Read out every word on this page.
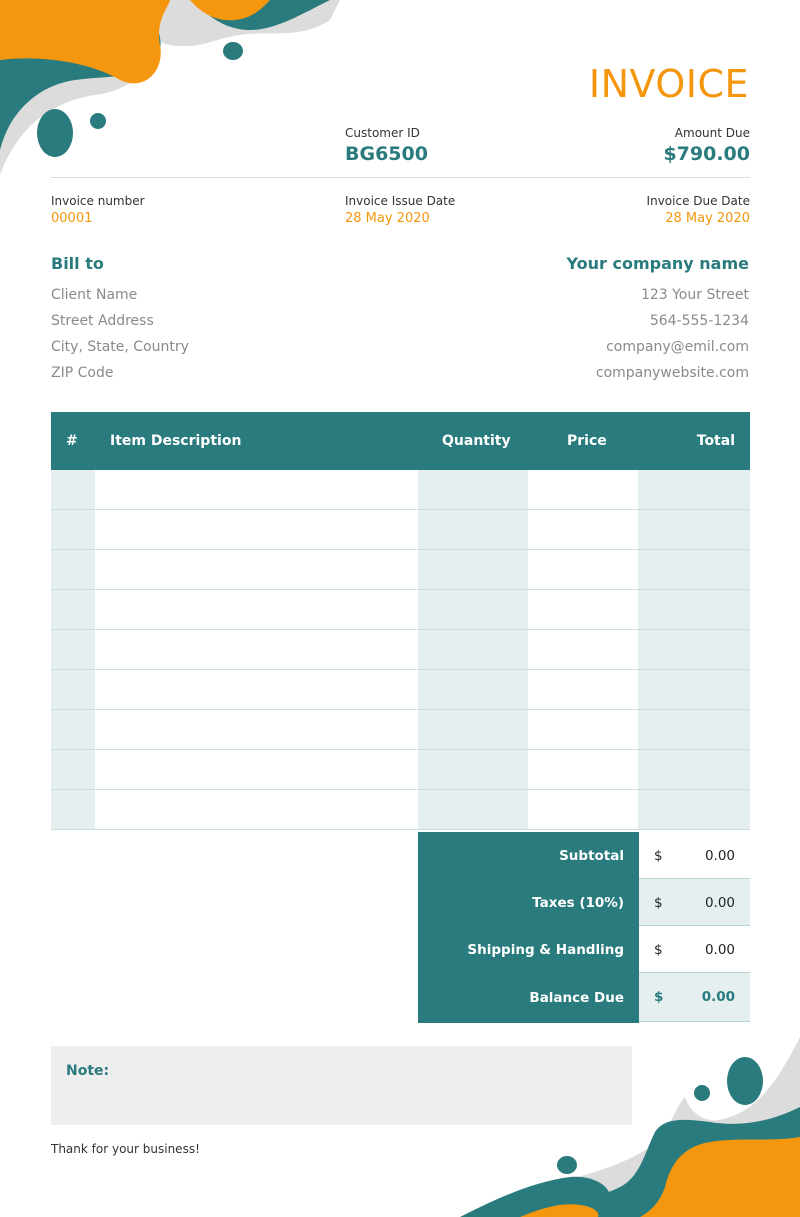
INVOICE
Customer ID
BG6500
Amount Due
$790.00
Invoice number
00001
Invoice Issue Date
28 May 2020
Invoice Due Date
28 May 2020
Bill to
Client Name
Street Address
City, State, Country
ZIP Code
Your company name
123 Your Street
564-555-1234
company@emil.com
companywebsite.com
# Item Description	Quantity	Price	Total
Subtotal	$	0.00
Taxes (10%)	$	0.00
Shipping & Handling	$	0.00
Balance Due	$	0.00
Note:
Thank for your business!
